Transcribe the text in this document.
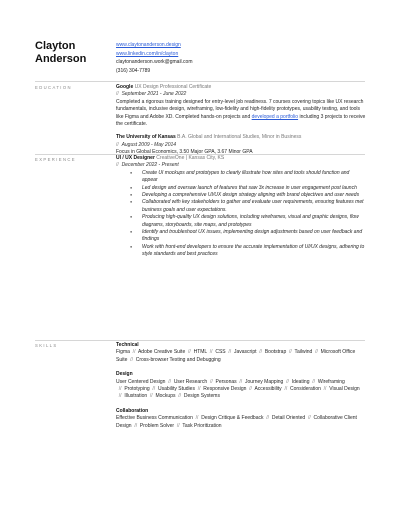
Clayton
Anderson
www.claytonanderson.design
www.linkedin.com/in/clayton
claytonanderson.work@gmail.com
(316) 304-7789
EDUCATION	Google UX Design Professional Certificate
//  September 2021 - June 2022
Completed a rigorous training designed for entry-level job readiness. 7 courses covering topics like UX research fundamentals, inclusive design, wireframing, low-fidelity and high-fidelity prototypes, usability testing, and tools like Figma and Adobe XD. Completed hands-on projects and developed a portfolio including 3 projects to receive the certificate.
The University of Kansas B.A. Global and International Studies, Minor in Business
//  August 2009 - May 2014
Focus in Global Economics, 3.50 Major GPA, 3.67 Minor GPA
EXPERIENCE	UI / UX Designer CreativeOne | Kansas City, KS
//  December 2022 - Present
● Create UI mockups and prototypes to clearly illustrate how sites and tools should function and appear
● Led design and oversaw launch of features that saw 3x increase in user engagement post launch
● Developing a comprehensive UI/UX design strategy aligning with brand objectives and user needs
● Collaborated with key stakeholders to gather and evaluate user requirements, ensuring features met business goals and user expectations.
● Producing high-quality UX design solutions, including wireframes, visual and graphic designs, flow diagrams, storyboards, site maps, and prototypes
● Identify and troubleshoot UX issues, implementing design adjustments based on user feedback and findings
● Work with front-end developers to ensure the accurate implementation of UI/UX designs, adhering to style standards and best practices
SKILLS	Technical
Figma  //  Adobe Creative Suite  //  HTML  //  CSS  //  Javascript  //  Bootstrap  //  Tailwind  //  Microsoft Office Suite  //  Cross-browser Testing and Debugging
Design
User Centered Design  //  User Research  //  Personas  //  Journey Mapping  //  Ideating  //  Wireframing  //  Prototyping  //  Usability Studies  //  Responsive Design  //  Accessibility  //  Consideration  //  Visual Design  //  Illustration  //  Mockups  //  Design Systems
Collaboration
Effective Business Communication  //  Design Critique & Feedback  //  Detail Oriented  //  Collaborative Client Design  //  Problem Solver  //  Task Prioritization
